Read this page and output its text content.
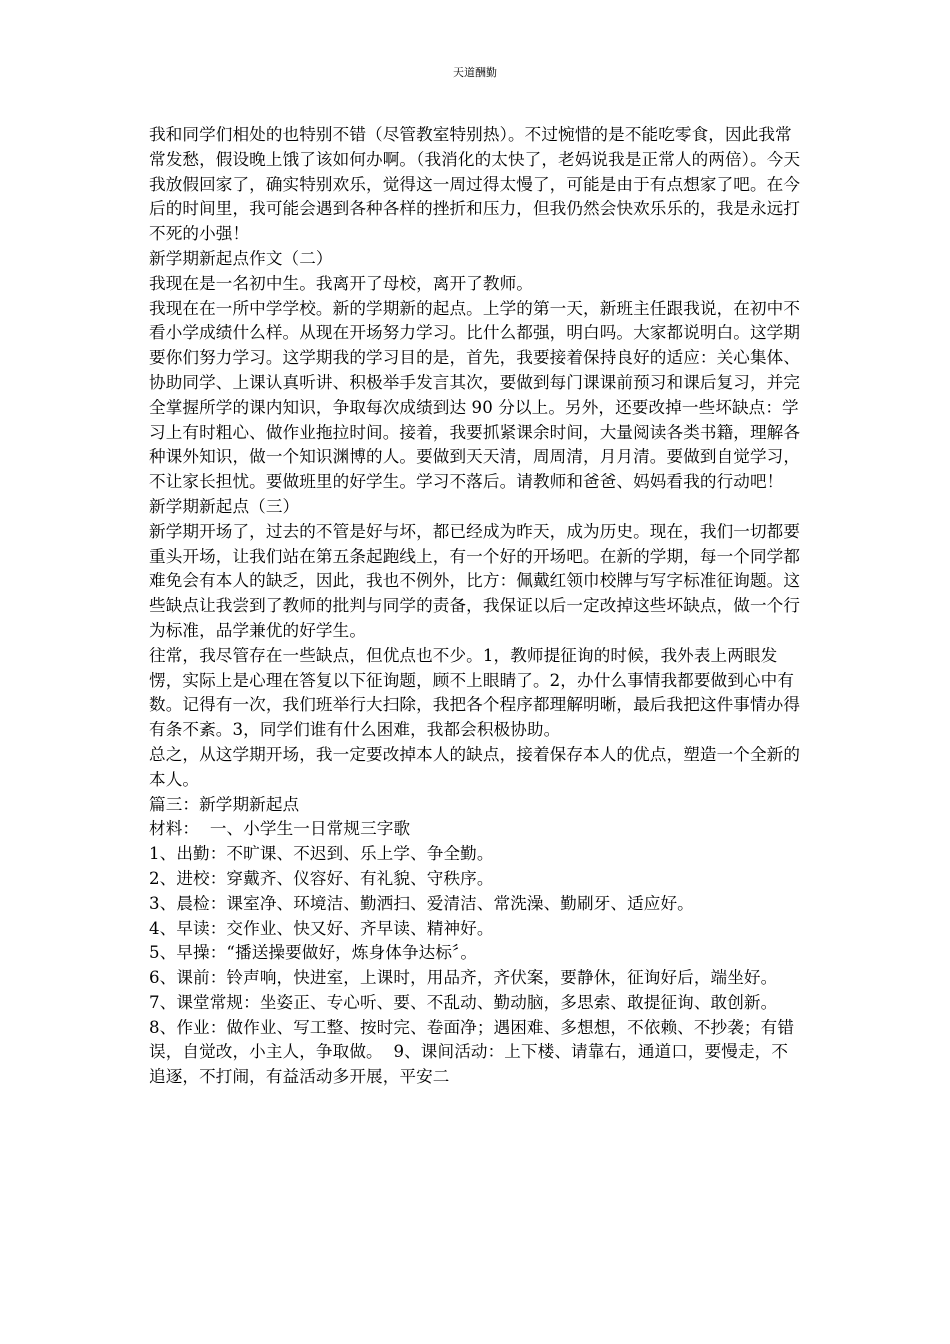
天道酬勤

我和同学们相处的也特别不错（尽管教室特别热）。不过惋惜的是不能吃零食，因此我常常发愁，假设晚上饿了该如何办啊。（我消化的太快了，老妈说我是正常人的两倍）。今天我放假回家了，确实特别欢乐，觉得这一周过得太慢了，可能是由于有点想家了吧。在今后的时间里，我可能会遇到各种各样的挫折和压力，但我仍然会快欢乐乐的，我是永远打不死的小强！

新学期新起点作文（二）

我现在是一名初中生。我离开了母校，离开了教师。

我现在在一所中学学校。新的学期新的起点。上学的第一天，新班主任跟我说，在初中不看小学成绩什么样。从现在开场努力学习。比什么都强，明白吗。大家都说明白。这学期要你们努力学习。这学期我的学习目的是，首先，我要接着保持良好的适应：关心集体、协助同学、上课认真听讲、积极举手发言其次，要做到每门课课前预习和课后复习，并完全掌握所学的课内知识，争取每次成绩到达 90 分以上。另外，还要改掉一些坏缺点：学习上有时粗心、做作业拖拉时间。接着，我要抓紧课余时间，大量阅读各类书籍，理解各种课外知识，做一个知识渊博的人。要做到天天清，周周清，月月清。要做到自觉学习，不让家长担忧。要做班里的好学生。学习不落后。请教师和爸爸、妈妈看我的行动吧！

新学期新起点（三）

新学期开场了，过去的不管是好与坏，都已经成为昨天，成为历史。现在，我们一切都要重头开场，让我们站在第五条起跑线上，有一个好的开场吧。在新的学期，每一个同学都难免会有本人的缺乏，因此，我也不例外，比方：佩戴红领巾校牌与写字标准征询题。这些缺点让我尝到了教师的批判与同学的责备，我保证以后一定改掉这些坏缺点，做一个行为标准，品学兼优的好学生。

往常，我尽管存在一些缺点，但优点也不少。1，教师提征询的时候，我外表上两眼发愣，实际上是心理在答复以下征询题，顾不上眼睛了。2，办什么事情我都要做到心中有数。记得有一次，我们班举行大扫除，我把各个程序都理解明晰，最后我把这件事情办得有条不紊。3，同学们谁有什么困难，我都会积极协助。

总之，从这学期开场，我一定要改掉本人的缺点，接着保存本人的优点，塑造一个全新的本人。

篇三：新学期新起点

材料：  一、小学生一日常规三字歌

1、出勤：不旷课、不迟到、乐上学、争全勤。

2、进校：穿戴齐、仪容好、有礼貌、守秩序。

3、晨检：课室净、环境洁、勤洒扫、爱清洁、常洗澡、勤刷牙、适应好。

4、早读：交作业、快又好、齐早读、精神好。

5、早操：“播送操要做好，炼身体争达标〞。

6、课前：铃声响，快进室，上课时，用品齐，齐伏案，要静休，征询好后，端坐好。

7、课堂常规：坐姿正、专心听、要、不乱动、勤动脑，多思索、敢提征询、敢创新。 8、作业：做作业、写工整、按时完、卷面净；遇困难、多想想，不依赖、不抄袭；有错误，自觉改，小主人，争取做。  9、课间活动：上下楼、请靠右，通道口，要慢走，不追逐，不打闹，有益活动多开展，平安二
